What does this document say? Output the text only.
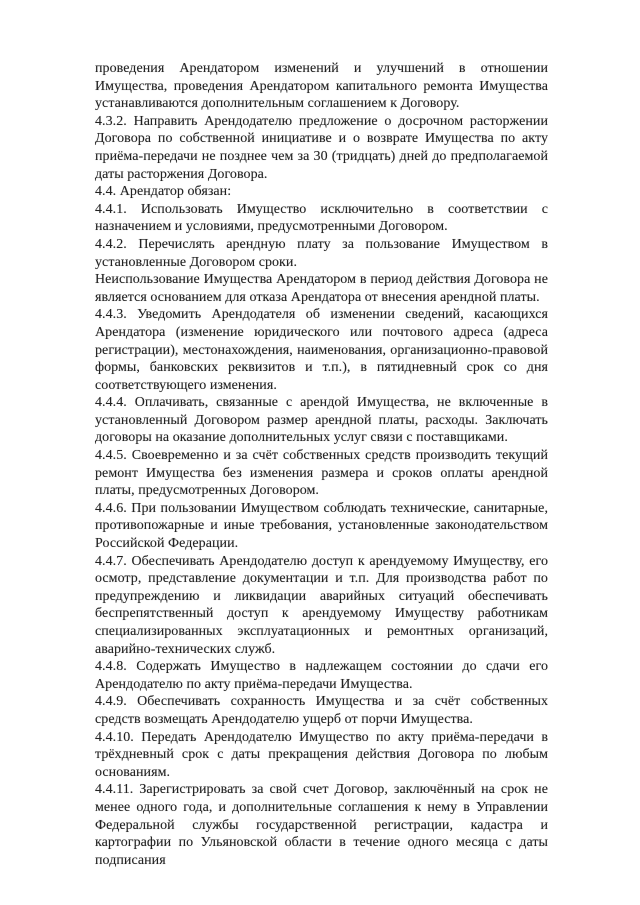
проведения Арендатором изменений и улучшений в отношении Имущества, проведения Арендатором капитального ремонта Имущества устанавливаются дополнительным соглашением к Договору.

4.3.2. Направить Арендодателю предложение о досрочном расторжении Договора по собственной инициативе и о возврате Имущества по акту приёма-передачи не позднее чем за 30 (тридцать) дней до предполагаемой даты расторжения Договора.

4.4. Арендатор обязан:

4.4.1. Использовать Имущество исключительно в соответствии с назначением и условиями, предусмотренными Договором.

4.4.2. Перечислять арендную плату за пользование Имуществом в установленные Договором сроки.

Неиспользование Имущества Арендатором в период действия Договора не является основанием для отказа Арендатора от внесения арендной платы.

4.4.3. Уведомить Арендодателя об изменении сведений, касающихся Арендатора (изменение юридического или почтового адреса (адреса регистрации), местонахождения, наименования, организационно-правовой формы, банковских реквизитов и т.п.), в пятидневный срок со дня соответствующего изменения.

4.4.4. Оплачивать, связанные с арендой Имущества, не включенные в установленный Договором размер арендной платы, расходы. Заключать договоры на оказание дополнительных услуг связи с поставщиками.

4.4.5. Своевременно и за счёт собственных средств производить текущий ремонт Имущества без изменения размера и сроков оплаты арендной платы, предусмотренных Договором.

4.4.6. При пользовании Имуществом соблюдать технические, санитарные, противопожарные и иные требования, установленные законодательством Российской Федерации.

4.4.7. Обеспечивать Арендодателю доступ к арендуемому Имуществу, его осмотр, представление документации и т.п. Для производства работ по предупреждению и ликвидации аварийных ситуаций обеспечивать беспрепятственный доступ к арендуемому Имуществу работникам специализированных эксплуатационных и ремонтных организаций, аварийно-технических служб.

4.4.8. Содержать Имущество в надлежащем состоянии до сдачи его Арендодателю по акту приёма-передачи Имущества.

4.4.9. Обеспечивать сохранность Имущества и за счёт собственных средств возмещать Арендодателю ущерб от порчи Имущества.

4.4.10. Передать Арендодателю Имущество по акту приёма-передачи в трёхдневный срок с даты прекращения действия Договора по любым основаниям.

4.4.11. Зарегистрировать за свой счет Договор, заключённый на срок не менее одного года, и дополнительные соглашения к нему в Управлении Федеральной службы государственной регистрации, кадастра и картографии по Ульяновской области в течение одного месяца с даты подписания
